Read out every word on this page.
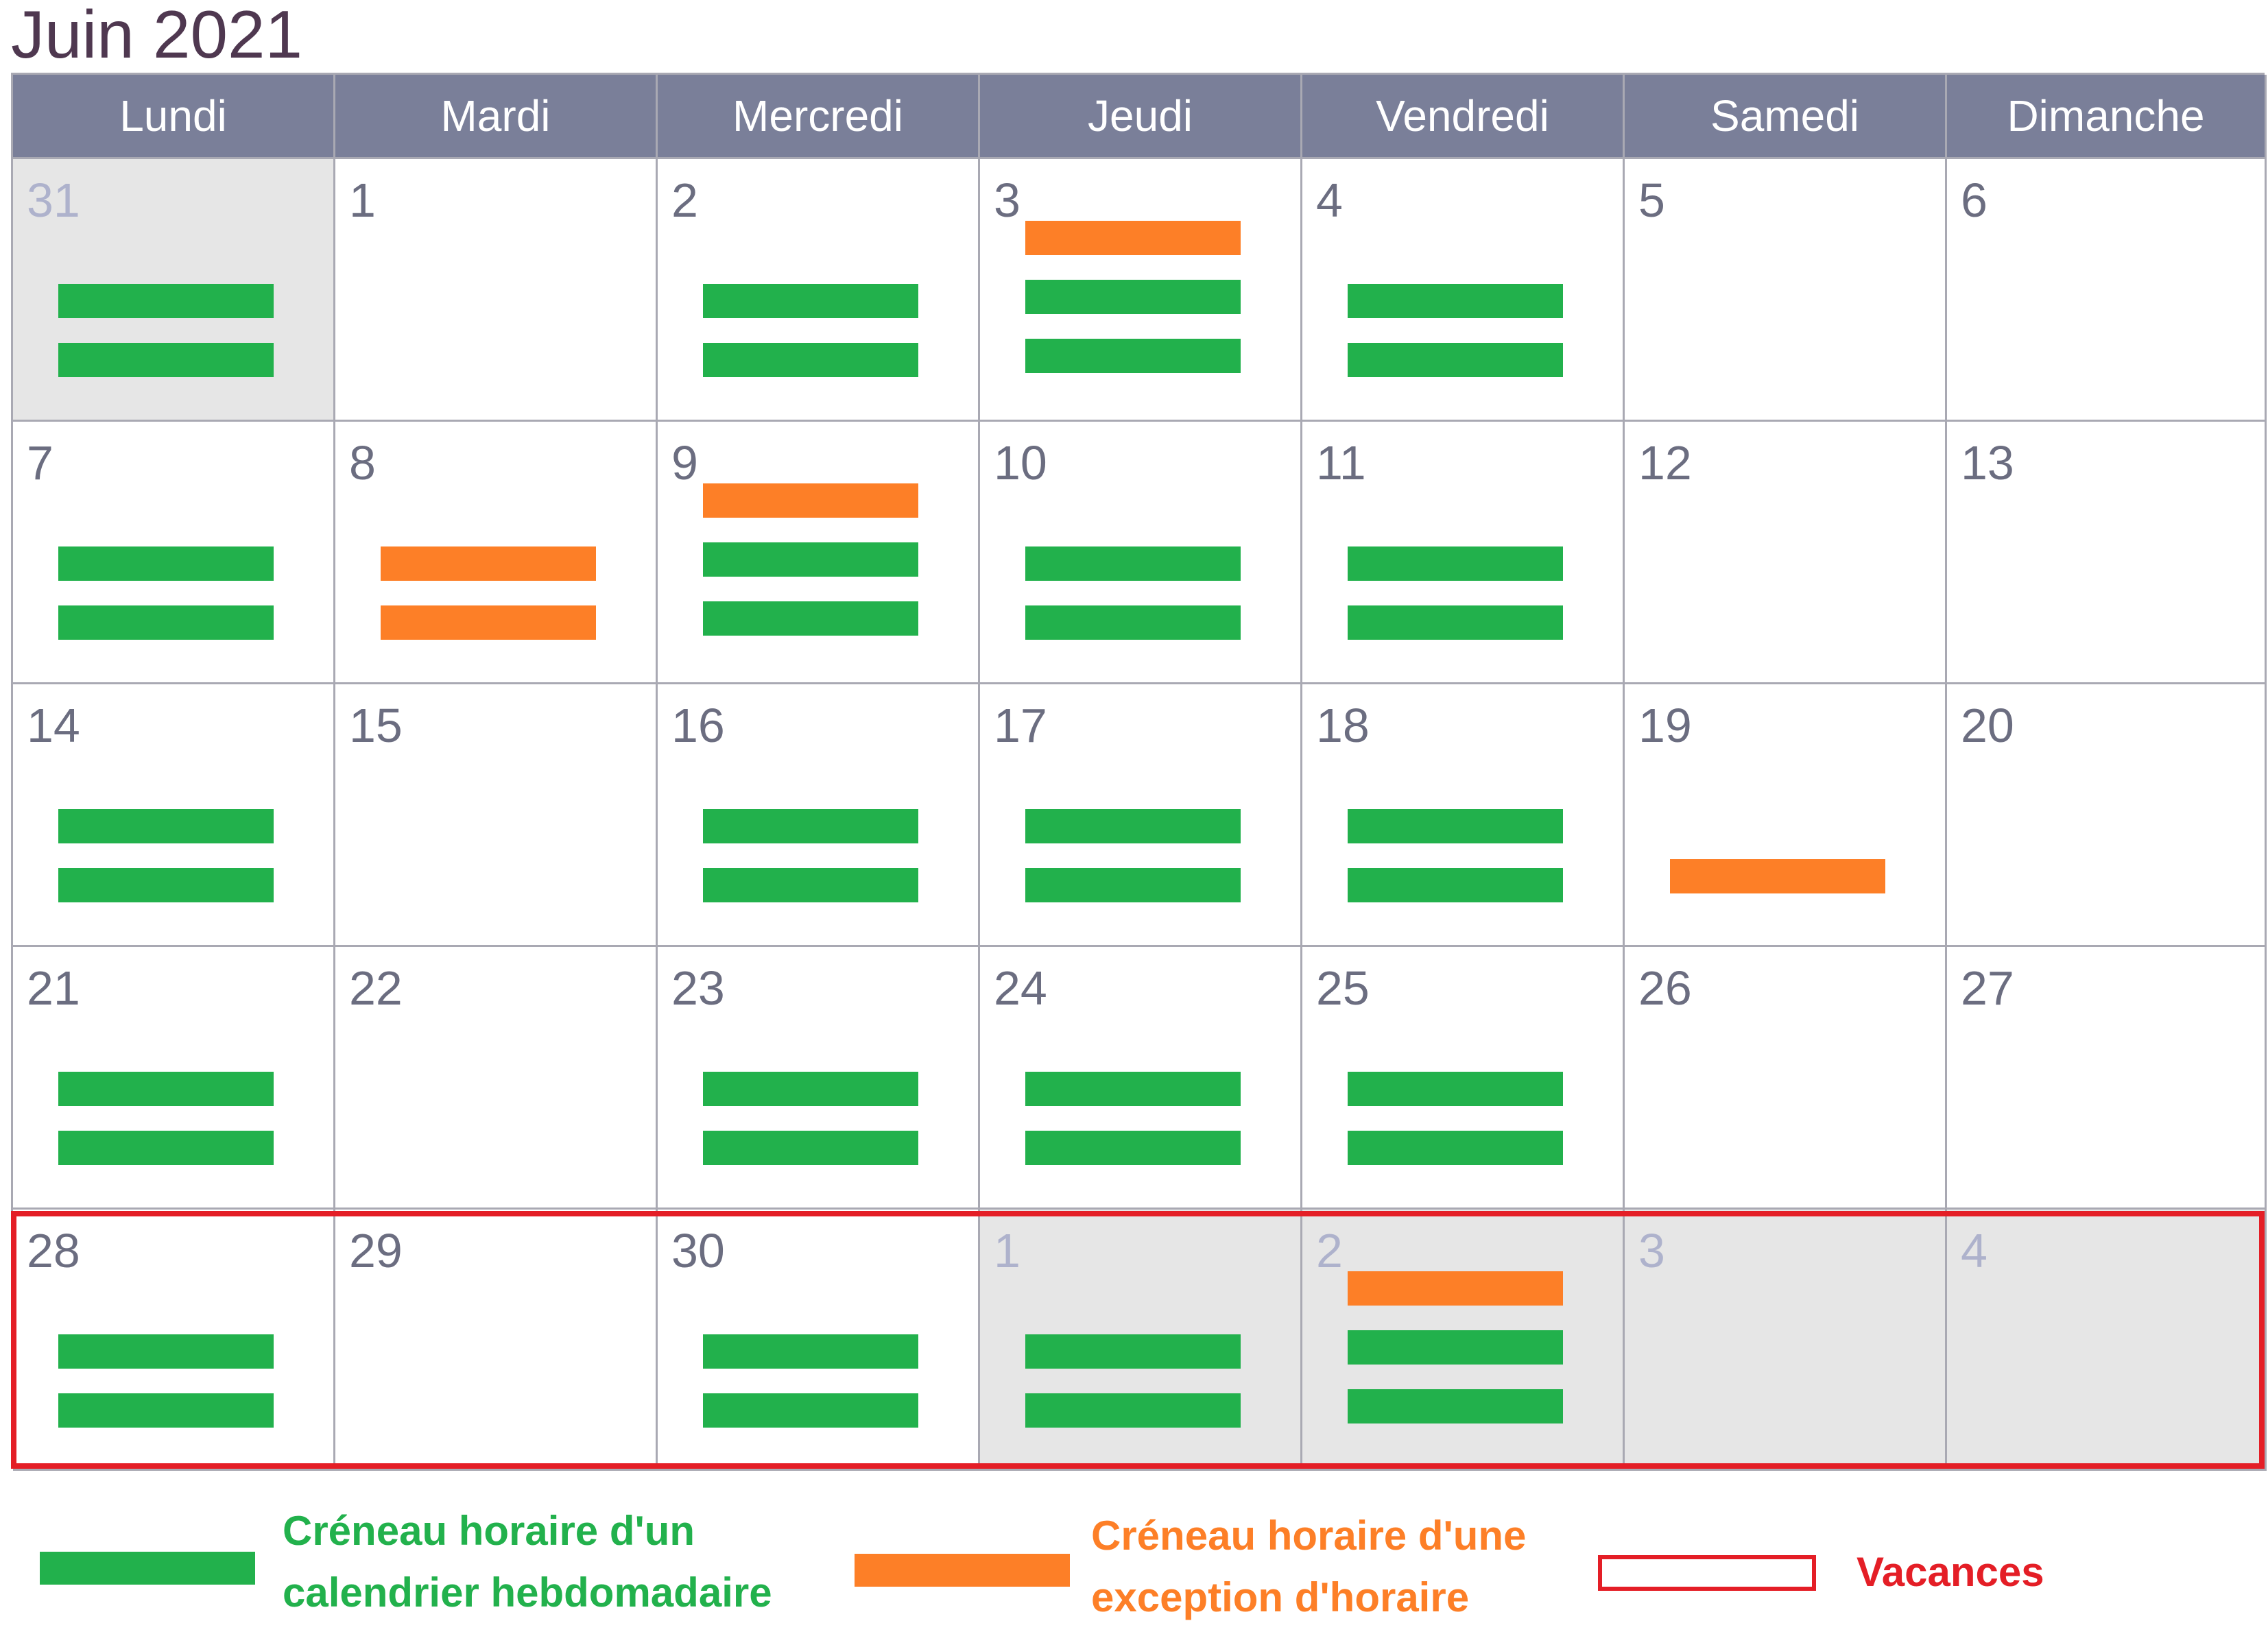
Juin 2021
Lundi	Mardi	Mercredi	Jeudi	Vendredi	Samedi	Dimanche
31	1	2	3	4	5	6
7	8	9	10	11	12	13
14	15	16	17	18	19	20
21	22	23	24	25	26	27
28	29	30	1	2	3	4
Créneau horaire d'un
calendrier hebdomadaire
Créneau horaire d'une
exception d'horaire
Vacances
